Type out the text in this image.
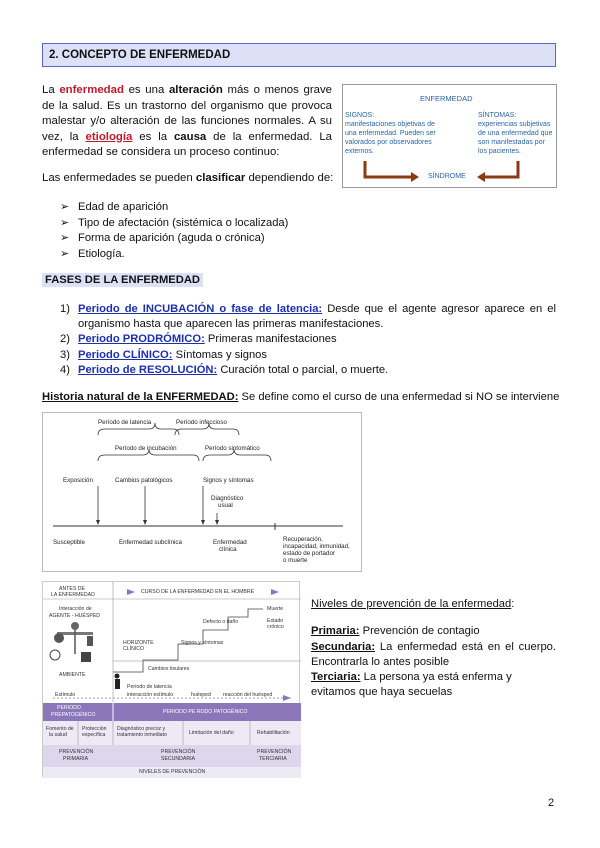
2. CONCEPTO DE ENFERMEDAD
La enfermedad es una alteración más o menos grave de la salud. Es un trastorno del organismo que provoca malestar y/o alteración de las funciones normales. A su vez, la etiología es la causa de la enfermedad. La enfermedad se considera un proceso continuo:
Las enfermedades se pueden clasificar dependiendo de:
ENFERMEDAD
SIGNOS:
manifestaciones objetivas de
una enfermedad. Pueden ser
valorados por observadores
externos.
SÍNTOMAS:
experiencias subjetivas
de una enfermedad que
son manifestadas por
los pacientes.
SÍNDROME
➢ Edad de aparición
➢ Tipo de afectación (sistémica o localizada)
➢ Forma de aparición (aguda o crónica)
➢ Etiología.
FASES DE LA ENFERMEDAD
1) Periodo de INCUBACIÓN o fase de latencia: Desde que el agente agresor aparece en el organismo hasta que aparecen las primeras manifestaciones.
2) Periodo PRODRÓMICO: Primeras manifestaciones
3) Periodo CLÍNICO: Síntomas y signos
4) Periodo de RESOLUCIÓN: Curación total o parcial, o muerte.
Historia natural de la ENFERMEDAD: Se define como el curso de una enfermedad si NO se interviene
Período de latencia	Período infeccioso
Período de incubación	Período sintomático
Exposición	Cambios patológicos	Signos y síntomas
Diagnóstico
usual
Susceptible	Enfermedad subclínica	Enfermedad
clínica
Recuperación,
incapacidad, inmunidad,
estado de portador
o muerte
ANTES DE
LA ENFERMEDAD	CURSO DE LA ENFERMEDAD EN EL HOMBRE
Interacción de
AGENTE - HUÉSPED
Muerte
Estado
crónico
Defecto o daño
HORIZONTE
CLÍNICO
Signos y síntomas
Cambios tisulares
AMBIENTE
Período de latencia
Estímulo	interacción estímulo	huésped reacción del huésped
PERIODO
PREPATOGÉNICO	PERIODO PE RODO PATOGÉNICO
Fomento de
la salud
Protección
específica
Diagnóstico precoz y
tratamiento inmediato	Limitación del daño	Rehabilitación
PREVENCIÓN
PRIMARIA
PREVENCIÓN
SECUNDARIA
PREVENCIÓN
TERCIARIA
NIVELES DE PREVENCIÓN
Niveles de prevención de la enfermedad:
Primaria: Prevención de contagio
Secundaria: La enfermedad está en el cuerpo. Encontrarla lo antes posible
Terciaria: La persona ya está enferma y evitamos que haya secuelas
2
